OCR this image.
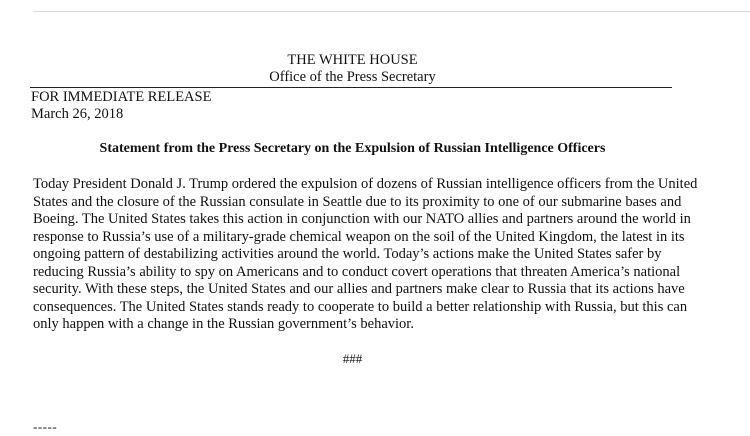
THE WHITE HOUSE
Office of the Press Secretary
FOR IMMEDIATE RELEASE
March 26, 2018
Statement from the Press Secretary on the Expulsion of Russian Intelligence Officers
Today President Donald J. Trump ordered the expulsion of dozens of Russian intelligence officers from the United
States and the closure of the Russian consulate in Seattle due to its proximity to one of our submarine bases and
Boeing. The United States takes this action in conjunction with our NATO allies and partners around the world in
response to Russia’s use of a military-grade chemical weapon on the soil of the United Kingdom, the latest in its
ongoing pattern of destabilizing activities around the world. Today’s actions make the United States safer by
reducing Russia’s ability to spy on Americans and to conduct covert operations that threaten America’s national
security. With these steps, the United States and our allies and partners make clear to Russia that its actions have
consequences. The United States stands ready to cooperate to build a better relationship with Russia, but this can
only happen with a change in the Russian government’s behavior.
###
-----
